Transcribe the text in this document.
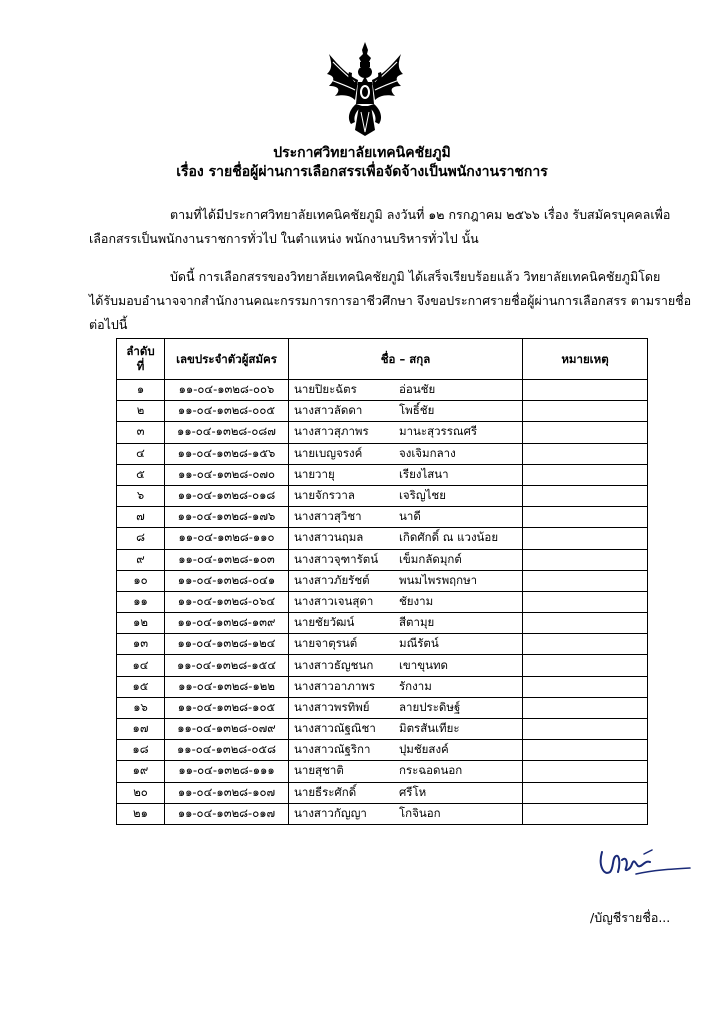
ประกาศวิทยาลัยเทคนิคชัยภูมิ
เรื่อง รายชื่อผู้ผ่านการเลือกสรรเพื่อจัดจ้างเป็นพนักงานราชการ
ตามที่ได้มีประกาศวิทยาลัยเทคนิคชัยภูมิ ลงวันที่ ๑๒ กรกฎาคม ๒๕๖๖ เรื่อง รับสมัครบุคคลเพื่อ
เลือกสรรเป็นพนักงานราชการทั่วไป ในตำแหน่ง พนักงานบริหารทั่วไป นั้น
บัดนี้ การเลือกสรรของวิทยาลัยเทคนิคชัยภูมิ ได้เสร็จเรียบร้อยแล้ว วิทยาลัยเทคนิคชัยภูมิโดย
ได้รับมอบอำนาจจากสำนักงานคณะกรรมการการอาชีวศึกษา จึงขอประกาศรายชื่อผู้ผ่านการเลือกสรร ตามรายชื่อ
ต่อไปนี้
ลำดับ
ที่	เลขประจำตัวผู้สมัคร	ชื่อ – สกุล	หมายเหตุ
๑	๑๑-๐๔-๑๓๒๘-๐๐๖	นายปิยะฉัตร อ่อนชัย	
๒	๑๑-๐๔-๑๓๒๘-๐๐๕	นางสาวลัดดา โพธิ์ชัย	
๓	๑๑-๐๔-๑๓๒๘-๐๘๗	นางสาวสุภาพร มานะสุวรรณศรี	
๔	๑๑-๐๔-๑๓๒๘-๑๕๖	นายเบญจรงค์ จงเจิมกลาง	
๕	๑๑-๐๔-๑๓๒๘-๐๗๐	นายวายุ เรียงไสนา	
๖	๑๑-๐๔-๑๓๒๘-๐๑๘	นายจักรวาล เจริญไชย	
๗	๑๑-๐๔-๑๓๒๘-๑๗๖	นางสาวสุวิชา นาดี	
๘	๑๑-๐๔-๑๓๒๘-๑๑๐	นางสาวนฤมล เกิดศักดิ์ ณ แวงน้อย	
๙	๑๑-๐๔-๑๓๒๘-๑๐๓	นางสาวจุฑารัตน์ เข็มกลัดมุกต์	
๑๐	๑๑-๐๔-๑๓๒๘-๐๔๑	นางสาวภัยรัชต์ พนมไพรพฤกษา	
๑๑	๑๑-๐๔-๑๓๒๘-๐๖๔	นางสาวเจนสุดา ชัยงาม	
๑๒	๑๑-๐๔-๑๓๒๘-๑๓๙	นายชัยวัฒน์ สีตามุย	
๑๓	๑๑-๐๔-๑๓๒๘-๑๒๔	นายจาตุรนต์ มณีรัตน์	
๑๔	๑๑-๐๔-๑๓๒๘-๑๕๔	นางสาวธัญชนก เขาขุนทด	
๑๕	๑๑-๐๔-๑๓๒๘-๑๒๒	นางสาวอาภาพร รักงาม	
๑๖	๑๑-๐๔-๑๓๒๘-๑๐๕	นางสาวพรทิพย์ ลายประดิษฐ์	
๑๗	๑๑-๐๔-๑๓๒๘-๐๗๙	นางสาวณัฐณิชา มิตรสันเทียะ	
๑๘	๑๑-๐๔-๑๓๒๘-๐๕๘	นางสาวณัฐริกา ปุมชัยสงค์	
๑๙	๑๑-๐๔-๑๓๒๘-๑๑๑	นายสุชาติ กระฉอดนอก	
๒๐	๑๑-๐๔-๑๓๒๘-๑๐๗	นายธีระศักดิ์ ศรีโห	
๒๑	๑๑-๐๔-๑๓๒๘-๐๑๗	นางสาวกัญญา โกจินอก	
/บัญชีรายชื่อ...
